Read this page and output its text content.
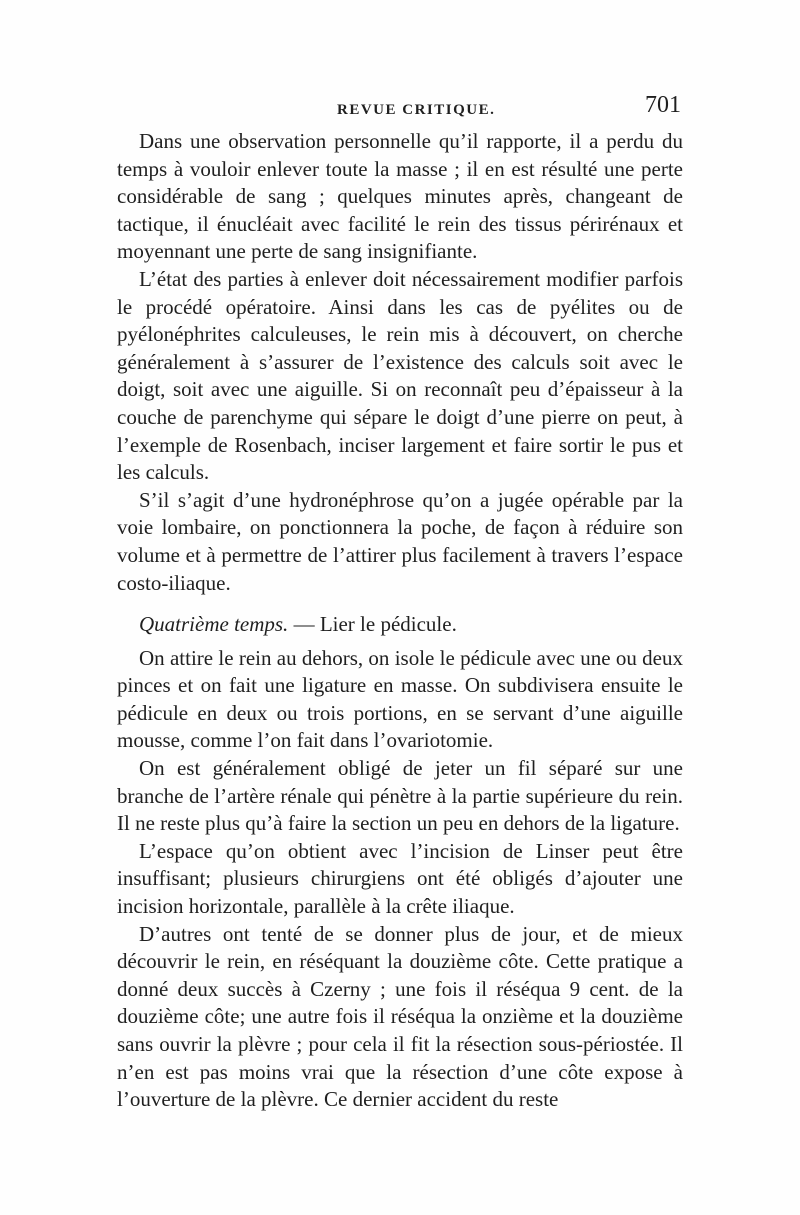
REVUE CRITIQUE.	701

Dans une observation personnelle qu’il rapporte, il a perdu du temps à vouloir enlever toute la masse ; il en est résulté une perte considérable de sang ; quelques minutes après, changeant de tactique, il énucléait avec facilité le rein des tissus périrénaux et moyennant une perte de sang insignifiante.

L’état des parties à enlever doit nécessairement modifier parfois le procédé opératoire. Ainsi dans les cas de pyélites ou de pyélonéphrites calculeuses, le rein mis à découvert, on cherche généralement à s’assurer de l’existence des calculs soit avec le doigt, soit avec une aiguille. Si on reconnaît peu d’épaisseur à la couche de parenchyme qui sépare le doigt d’une pierre on peut, à l’exemple de Rosenbach, inciser largement et faire sortir le pus et les calculs.

S’il s’agit d’une hydronéphrose qu’on a jugée opérable par la voie lombaire, on ponctionnera la poche, de façon à réduire son volume et à permettre de l’attirer plus facilement à travers l’espace costo-iliaque.

Quatrième temps. — Lier le pédicule.

On attire le rein au dehors, on isole le pédicule avec une ou deux pinces et on fait une ligature en masse. On subdivisera ensuite le pédicule en deux ou trois portions, en se servant d’une aiguille mousse, comme l’on fait dans l’ovariotomie.

On est généralement obligé de jeter un fil séparé sur une branche de l’artère rénale qui pénètre à la partie supérieure du rein. Il ne reste plus qu’à faire la section un peu en dehors de la ligature.

L’espace qu’on obtient avec l’incision de Linser peut être insuffisant; plusieurs chirurgiens ont été obligés d’ajouter une incision horizontale, parallèle à la crête iliaque.

D’autres ont tenté de se donner plus de jour, et de mieux découvrir le rein, en réséquant la douzième côte. Cette pratique a donné deux succès à Czerny ; une fois il réséqua 9 cent. de la douzième côte; une autre fois il réséqua la onzième et la douzième sans ouvrir la plèvre ; pour cela il fit la résection sous-périostée. Il n’en est pas moins vrai que la résection d’une côte expose à l’ouverture de la plèvre. Ce dernier accident du reste
